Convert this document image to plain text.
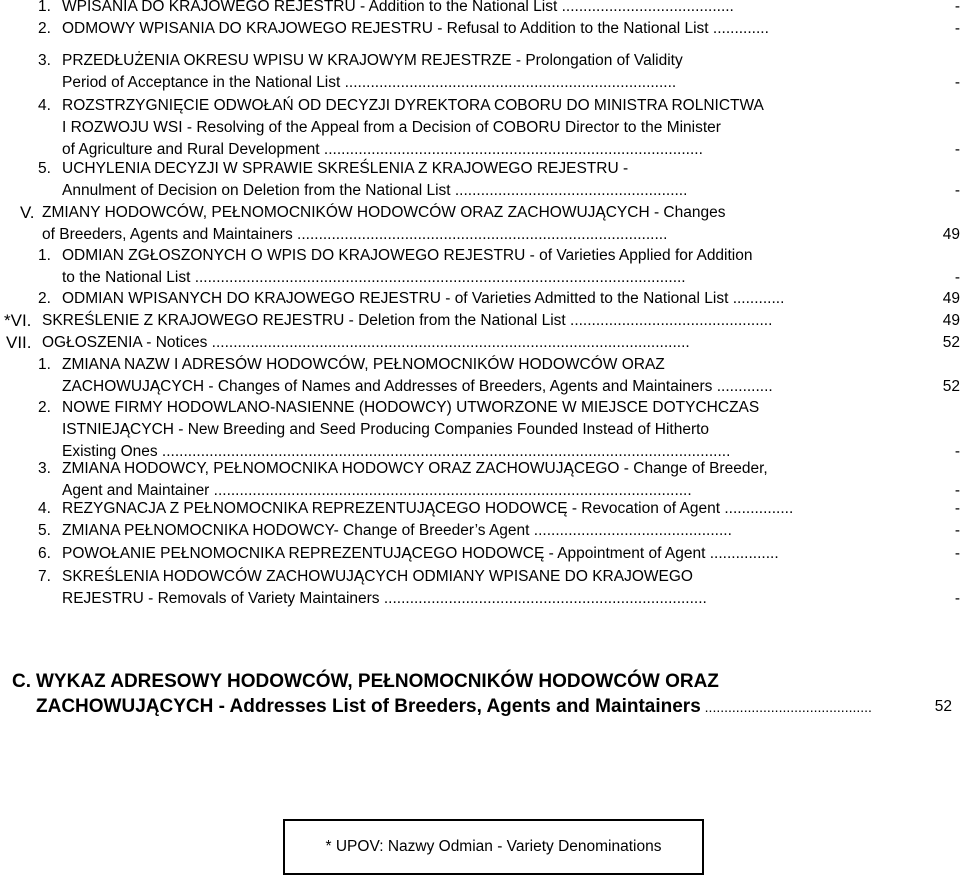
1. WPISANIA DO KRAJOWEGO REJESTRU - Addition to the National List ........................................	-
2. ODMOWY WPISANIA DO KRAJOWEGO REJESTRU - Refusal to Addition to the National List .............	-
3. PRZEDŁUŻENIA OKRESU WPISU W KRAJOWYM REJESTRZE - Prolongation of Validity
Period of Acceptance in the National List .............................................................................	-
4. ROZSTRZYGNIĘCIE ODWOŁAŃ OD DECYZJI DYREKTORA COBORU DO MINISTRA ROLNICTWA
I ROZWOJU WSI - Resolving of the Appeal from a Decision of COBORU Director to the Minister
of Agriculture and Rural Development ........................................................................................	-
5. UCHYLENIA DECYZJI W SPRAWIE SKREŚLENIA Z KRAJOWEGO REJESTRU -
Annulment of Decision on Deletion from the National List ......................................................	-
V. ZMIANY HODOWCÓW, PEŁNOMOCNIKÓW HODOWCÓW ORAZ ZACHOWUJĄCYCH - Changes
of Breeders, Agents and Maintainers ......................................................................................	49
1. ODMIAN ZGŁOSZONYCH O WPIS DO KRAJOWEGO REJESTRU - of Varieties Applied for Addition
to the National List ..................................................................................................................	-
2. ODMIAN WPISANYCH DO KRAJOWEGO REJESTRU - of Varieties Admitted to the National List ............	49
*VI. SKREŚLENIE Z KRAJOWEGO REJESTRU - Deletion from the National List ...............................................	49
VII. OGŁOSZENIA - Notices ...............................................................................................................	52
1. ZMIANA NAZW I ADRESÓW HODOWCÓW, PEŁNOMOCNIKÓW HODOWCÓW ORAZ
ZACHOWUJĄCYCH - Changes of Names and Addresses of Breeders, Agents and Maintainers .............	52
2. NOWE FIRMY HODOWLANO-NASIENNE (HODOWCY) UTWORZONE W MIEJSCE DOTYCHCZAS
ISTNIEJĄCYCH - New Breeding and Seed Producing Companies Founded Instead of Hitherto
Existing Ones ....................................................................................................................................	-
3. ZMIANA HODOWCY, PEŁNOMOCNIKA HODOWCY ORAZ ZACHOWUJĄCEGO - Change of Breeder,
Agent and Maintainer ...............................................................................................................	-
4. REZYGNACJA Z PEŁNOMOCNIKA REPREZENTUJĄCEGO HODOWCĘ - Revocation of Agent ................	-
5. ZMIANA PEŁNOMOCNIKA HODOWCY- Change of Breeder’s Agent ..............................................	-
6. POWOŁANIE PEŁNOMOCNIKA REPREZENTUJĄCEGO HODOWCĘ - Appointment of Agent ................	-
7. SKREŚLENIA HODOWCÓW ZACHOWUJĄCYCH ODMIANY WPISANE DO KRAJOWEGO
REJESTRU - Removals of Variety Maintainers ...........................................................................	-
C. WYKAZ ADRESOWY HODOWCÓW, PEŁNOMOCNIKÓW HODOWCÓW ORAZ
ZACHOWUJĄCYCH - Addresses List of Breeders, Agents and Maintainers ...........................................	52
* UPOV: Nazwy Odmian - Variety Denominations
